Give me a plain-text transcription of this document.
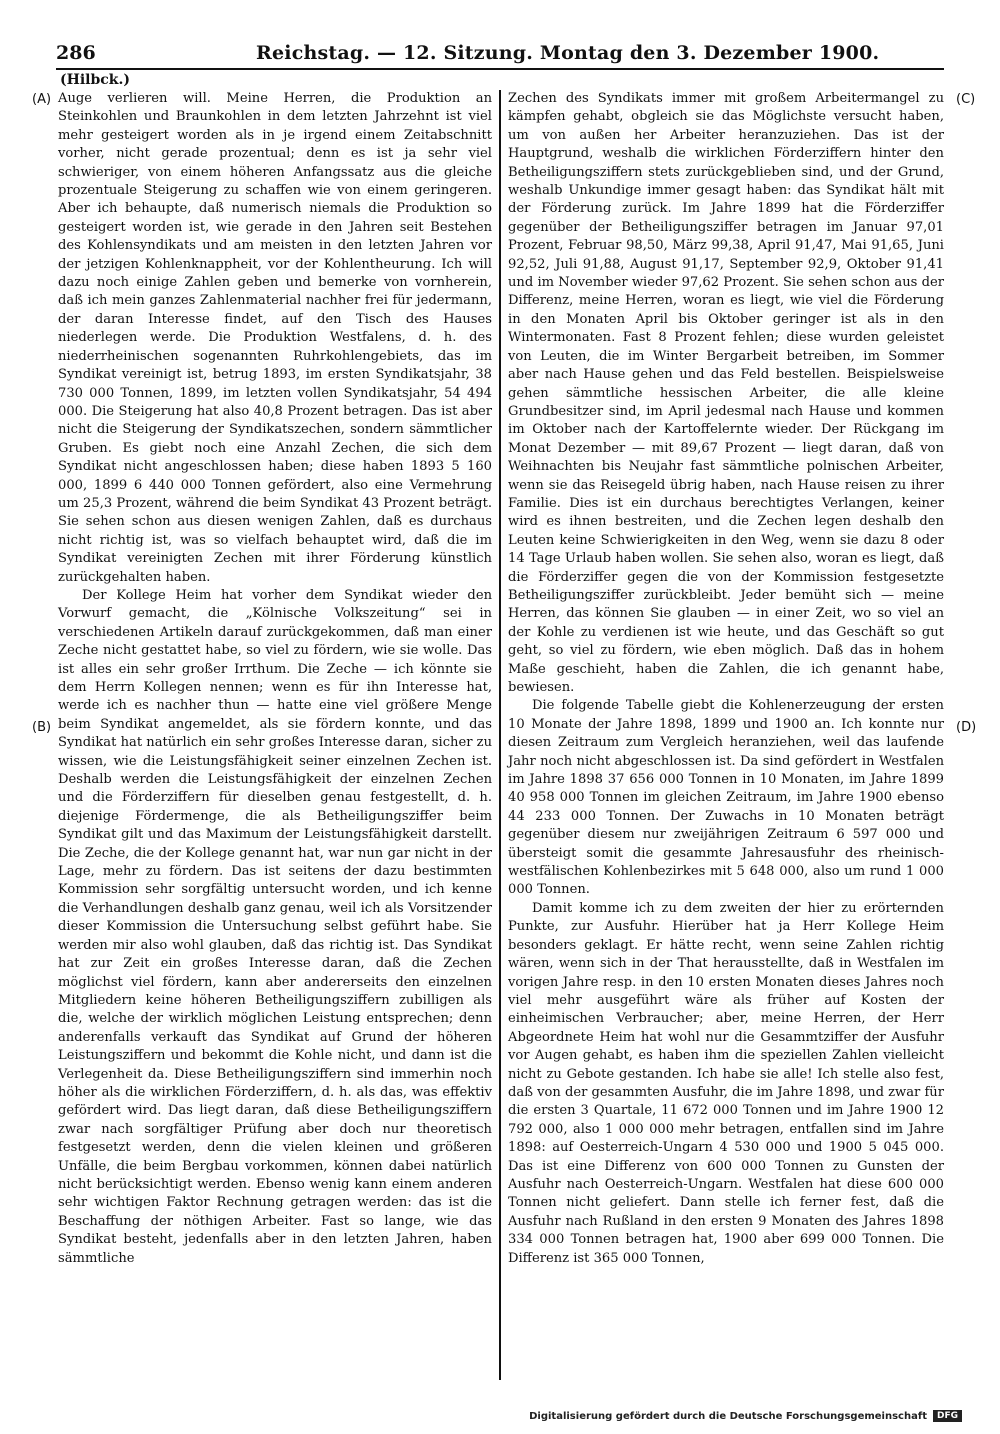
286	Reichstag. — 12. Sitzung. Montag den 3. Dezember 1900.
(Hilbck.)
(A)
(B)
(C)
(D)

Auge verlieren will. Meine Herren, die Produktion an Steinkohlen und Braunkohlen in dem letzten Jahrzehnt ist viel mehr gesteigert worden als in je irgend einem Zeitabschnitt vorher, nicht gerade prozentual; denn es ist ja sehr viel schwieriger, von einem höheren Anfangssatz aus die gleiche prozentuale Steigerung zu schaffen wie von einem geringeren. Aber ich behaupte, daß numerisch niemals die Produktion so gesteigert worden ist, wie gerade in den Jahren seit Bestehen des Kohlensyndikats und am meisten in den letzten Jahren vor der jetzigen Kohlenknappheit, vor der Kohlentheurung. Ich will dazu noch einige Zahlen geben und bemerke von vornherein, daß ich mein ganzes Zahlenmaterial nachher frei für jedermann, der daran Interesse findet, auf den Tisch des Hauses niederlegen werde. Die Produktion Westfalens, d. h. des niederrheinischen sogenannten Ruhrkohlengebiets, das im Syndikat vereinigt ist, betrug 1893, im ersten Syndikatsjahr, 38 730 000 Tonnen, 1899, im letzten vollen Syndikatsjahr, 54 494 000. Die Steigerung hat also 40,8 Prozent betragen. Das ist aber nicht die Steigerung der Syndikatszechen, sondern sämmtlicher Gruben. Es giebt noch eine Anzahl Zechen, die sich dem Syndikat nicht angeschlossen haben; diese haben 1893 5 160 000, 1899 6 440 000 Tonnen gefördert, also eine Vermehrung um 25,3 Prozent, während die beim Syndikat 43 Prozent beträgt. Sie sehen schon aus diesen wenigen Zahlen, daß es durchaus nicht richtig ist, was so vielfach behauptet wird, daß die im Syndikat vereinigten Zechen mit ihrer Förderung künstlich zurückgehalten haben.

Der Kollege Heim hat vorher dem Syndikat wieder den Vorwurf gemacht, die „Kölnische Volkszeitung“ sei in verschiedenen Artikeln darauf zurückgekommen, daß man einer Zeche nicht gestattet habe, so viel zu fördern, wie sie wolle. Das ist alles ein sehr großer Irrthum. Die Zeche — ich könnte sie dem Herrn Kollegen nennen; wenn es für ihn Interesse hat, werde ich es nachher thun — hatte eine viel größere Menge beim Syndikat angemeldet, als sie fördern konnte, und das Syndikat hat natürlich ein sehr großes Interesse daran, sicher zu wissen, wie die Leistungsfähigkeit seiner einzelnen Zechen ist. Deshalb werden die Leistungsfähigkeit der einzelnen Zechen und die Förderziffern für dieselben genau festgestellt, d. h. diejenige Fördermenge, die als Betheiligungsziffer beim Syndikat gilt und das Maximum der Leistungsfähigkeit darstellt. Die Zeche, die der Kollege genannt hat, war nun gar nicht in der Lage, mehr zu fördern. Das ist seitens der dazu bestimmten Kommission sehr sorgfältig untersucht worden, und ich kenne die Verhandlungen deshalb ganz genau, weil ich als Vorsitzender dieser Kommission die Untersuchung selbst geführt habe. Sie werden mir also wohl glauben, daß das richtig ist. Das Syndikat hat zur Zeit ein großes Interesse daran, daß die Zechen möglichst viel fördern, kann aber andererseits den einzelnen Mitgliedern keine höheren Betheiligungsziffern zubilligen als die, welche der wirklich möglichen Leistung entsprechen; denn anderenfalls verkauft das Syndikat auf Grund der höheren Leistungsziffern und bekommt die Kohle nicht, und dann ist die Verlegenheit da. Diese Betheiligungsziffern sind immerhin noch höher als die wirklichen Förderziffern, d. h. als das, was effektiv gefördert wird. Das liegt daran, daß diese Betheiligungsziffern zwar nach sorgfältiger Prüfung aber doch nur theoretisch festgesetzt werden, denn die vielen kleinen und größeren Unfälle, die beim Bergbau vorkommen, können dabei natürlich nicht berücksichtigt werden. Ebenso wenig kann einem anderen sehr wichtigen Faktor Rechnung getragen werden: das ist die Beschaffung der nöthigen Arbeiter. Fast so lange, wie das Syndikat besteht, jedenfalls aber in den letzten Jahren, haben sämmtliche

Zechen des Syndikats immer mit großem Arbeitermangel zu kämpfen gehabt, obgleich sie das Möglichste versucht haben, um von außen her Arbeiter heranzuziehen. Das ist der Hauptgrund, weshalb die wirklichen Förderziffern hinter den Betheiligungsziffern stets zurückgeblieben sind, und der Grund, weshalb Unkundige immer gesagt haben: das Syndikat hält mit der Förderung zurück. Im Jahre 1899 hat die Förderziffer gegenüber der Betheiligungsziffer betragen im Januar 97,01 Prozent, Februar 98,50, März 99,38, April 91,47, Mai 91,65, Juni 92,52, Juli 91,88, August 91,17, September 92,9, Oktober 91,41 und im November wieder 97,62 Prozent. Sie sehen schon aus der Differenz, meine Herren, woran es liegt, wie viel die Förderung in den Monaten April bis Oktober geringer ist als in den Wintermonaten. Fast 8 Prozent fehlen; diese wurden geleistet von Leuten, die im Winter Bergarbeit betreiben, im Sommer aber nach Hause gehen und das Feld bestellen. Beispielsweise gehen sämmtliche hessischen Arbeiter, die alle kleine Grundbesitzer sind, im April jedesmal nach Hause und kommen im Oktober nach der Kartoffelernte wieder. Der Rückgang im Monat Dezember — mit 89,67 Prozent — liegt daran, daß von Weihnachten bis Neujahr fast sämmtliche polnischen Arbeiter, wenn sie das Reisegeld übrig haben, nach Hause reisen zu ihrer Familie. Dies ist ein durchaus berechtigtes Verlangen, keiner wird es ihnen bestreiten, und die Zechen legen deshalb den Leuten keine Schwierigkeiten in den Weg, wenn sie dazu 8 oder 14 Tage Urlaub haben wollen. Sie sehen also, woran es liegt, daß die Förderziffer gegen die von der Kommission festgesetzte Betheiligungsziffer zurückbleibt. Jeder bemüht sich — meine Herren, das können Sie glauben — in einer Zeit, wo so viel an der Kohle zu verdienen ist wie heute, und das Geschäft so gut geht, so viel zu fördern, wie eben möglich. Daß das in hohem Maße geschieht, haben die Zahlen, die ich genannt habe, bewiesen.

Die folgende Tabelle giebt die Kohlenerzeugung der ersten 10 Monate der Jahre 1898, 1899 und 1900 an. Ich konnte nur diesen Zeitraum zum Vergleich heranziehen, weil das laufende Jahr noch nicht abgeschlossen ist. Da sind gefördert in Westfalen im Jahre 1898 37 656 000 Tonnen in 10 Monaten, im Jahre 1899 40 958 000 Tonnen im gleichen Zeitraum, im Jahre 1900 ebenso 44 233 000 Tonnen. Der Zuwachs in 10 Monaten beträgt gegenüber diesem nur zweijährigen Zeitraum 6 597 000 und übersteigt somit die gesammte Jahresausfuhr des rheinisch-westfälischen Kohlenbezirkes mit 5 648 000, also um rund 1 000 000 Tonnen.

Damit komme ich zu dem zweiten der hier zu erörternden Punkte, zur Ausfuhr. Hierüber hat ja Herr Kollege Heim besonders geklagt. Er hätte recht, wenn seine Zahlen richtig wären, wenn sich in der That herausstellte, daß in Westfalen im vorigen Jahre resp. in den 10 ersten Monaten dieses Jahres noch viel mehr ausgeführt wäre als früher auf Kosten der einheimischen Verbraucher; aber, meine Herren, der Herr Abgeordnete Heim hat wohl nur die Gesammtziffer der Ausfuhr vor Augen gehabt, es haben ihm die speziellen Zahlen vielleicht nicht zu Gebote gestanden. Ich habe sie alle! Ich stelle also fest, daß von der gesammten Ausfuhr, die im Jahre 1898, und zwar für die ersten 3 Quartale, 11 672 000 Tonnen und im Jahre 1900 12 792 000, also 1 000 000 mehr betragen, entfallen sind im Jahre 1898: auf Oesterreich-Ungarn 4 530 000 und 1900 5 045 000. Das ist eine Differenz von 600 000 Tonnen zu Gunsten der Ausfuhr nach Oesterreich-Ungarn. Westfalen hat diese 600 000 Tonnen nicht geliefert. Dann stelle ich ferner fest, daß die Ausfuhr nach Rußland in den ersten 9 Monaten des Jahres 1898 334 000 Tonnen betragen hat, 1900 aber 699 000 Tonnen. Die Differenz ist 365 000 Tonnen,

Digitalisierung gefördert durch die Deutsche Forschungsgemeinschaft	DFG
